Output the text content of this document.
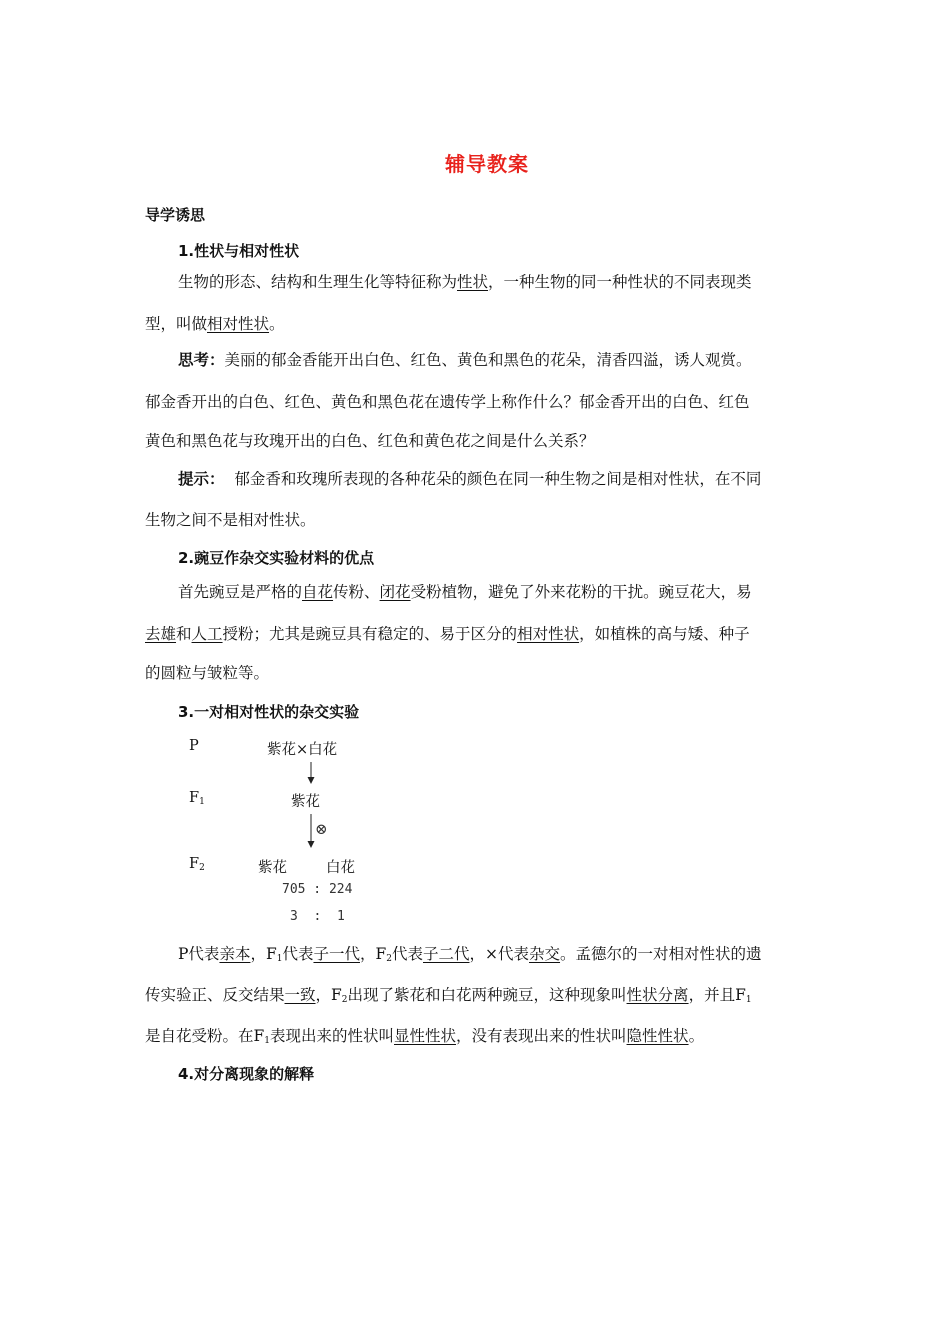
辅导教案
导学诱思
1.性状与相对性状
生物的形态、结构和生理生化等特征称为性状，一种生物的同一种性状的不同表现类
型，叫做相对性状。
思考：美丽的郁金香能开出白色、红色、黄色和黑色的花朵，清香四溢，诱人观赏。
郁金香开出的白色、红色、黄色和黑色花在遗传学上称作什么？郁金香开出的白色、红色
黄色和黑色花与玫瑰开出的白色、红色和黄色花之间是什么关系？
提示： 郁金香和玫瑰所表现的各种花朵的颜色在同一种生物之间是相对性状，在不同
生物之间不是相对性状。
2.豌豆作杂交实验材料的优点
首先豌豆是严格的自花传粉、闭花受粉植物，避免了外来花粉的干扰。豌豆花大，易
去雄和人工授粉；尤其是豌豆具有稳定的、易于区分的相对性状，如植株的高与矮、种子
的圆粒与皱粒等。
3.一对相对性状的杂交实验
P	紫花×白花
$F_1$	紫花
⊗
$F_2$	紫花	白花
705 : 224
3  :  1
P代表亲本，$F_1$代表子一代，$F_2$代表子二代，×代表杂交。孟德尔的一对相对性状的遗
传实验正、反交结果一致，$F_2$出现了紫花和白花两种豌豆，这种现象叫性状分离，并且$F_1$
是自花受粉。在$F_1$表现出来的性状叫显性性状，没有表现出来的性状叫隐性性状。
4.对分离现象的解释
